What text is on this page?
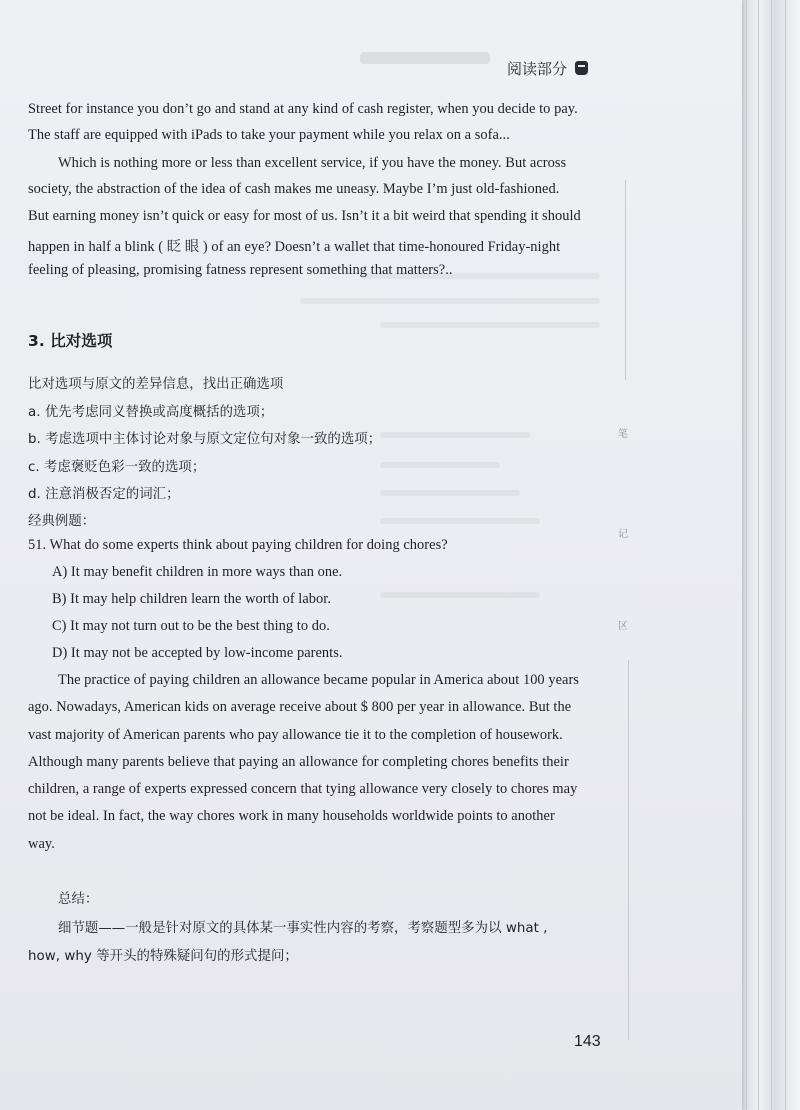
阅读部分
Street for instance you don’t go and stand at any kind of cash register, when you decide to pay.
The staff are equipped with iPads to take your payment while you relax on a sofa...
Which is nothing more or less than excellent service, if you have the money. But across
society, the abstraction of the idea of cash makes me uneasy. Maybe I’m just old-fashioned.
But earning money isn’t quick or easy for most of us. Isn’t it a bit weird that spending it should
happen in half a blink ( 眨 眼 ) of an eye? Doesn’t a wallet that time-honoured Friday-night
feeling of pleasing, promising fatness represent something that matters?..
3. 比对选项
比对选项与原文的差异信息，找出正确选项
a. 优先考虑同义替换或高度概括的选项；
b. 考虑选项中主体讨论对象与原文定位句对象一致的选项；
c. 考虑褒贬色彩一致的选项；
d. 注意消极否定的词汇；
经典例题：
51. What do some experts think about paying children for doing chores?
A) It may benefit children in more ways than one.
B) It may help children learn the worth of labor.
C) It may not turn out to be the best thing to do.
D) It may not be accepted by low-income parents.
The practice of paying children an allowance became popular in America about 100 years
ago. Nowadays, American kids on average receive about $ 800 per year in allowance. But the
vast majority of American parents who pay allowance tie it to the completion of housework.
Although many parents believe that paying an allowance for completing chores benefits their
children, a range of experts expressed concern that tying allowance very closely to chores may
not be ideal. In fact, the way chores work in many households worldwide points to another
way.
总结：
细节题——一般是针对原文的具体某一事实性内容的考察，考察题型多为以 what ,
how, why 等开头的特殊疑问句的形式提问；
笔
记
区
143
